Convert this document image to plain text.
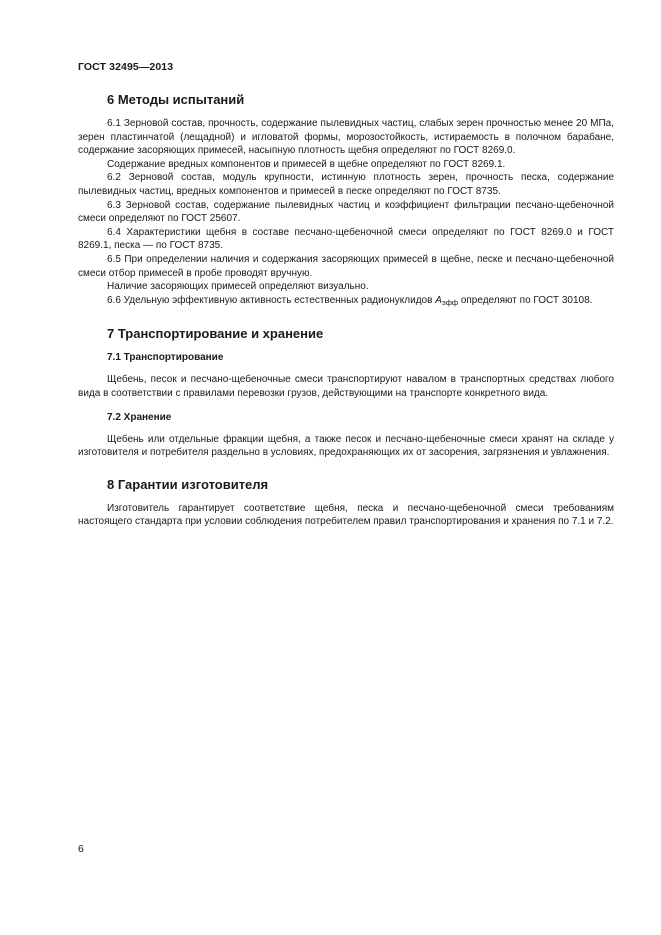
ГОСТ 32495—2013
6 Методы испытаний

6.1 Зерновой состав, прочность, содержание пылевидных частиц, слабых зерен прочностью менее 20 МПа, зерен пластинчатой (лещадной) и игловатой формы, морозостойкость, истираемость в полочном барабане, содержание засоряющих примесей, насыпную плотность щебня определяют по ГОСТ 8269.0.

Содержание вредных компонентов и примесей в щебне определяют по ГОСТ 8269.1.

6.2 Зерновой состав, модуль крупности, истинную плотность зерен, прочность песка, содержание пылевидных частиц, вредных компонентов и примесей в песке определяют по ГОСТ 8735.

6.3 Зерновой состав, содержание пылевидных частиц и коэффициент фильтрации песчано-щебеночной смеси определяют по ГОСТ 25607.

6.4 Характеристики щебня в составе песчано-щебеночной смеси определяют по ГОСТ 8269.0 и ГОСТ 8269.1, песка — по ГОСТ 8735.

6.5 При определении наличия и содержания засоряющих примесей в щебне, песке и песчано-щебеночной смеси отбор примесей в пробе проводят вручную.

Наличие засоряющих примесей определяют визуально.

6.6 Удельную эффективную активность естественных радионуклидов $A_{эфф}$ определяют по ГОСТ 30108.

7 Транспортирование и хранение
7.1 Транспортирование

Щебень, песок и песчано-щебеночные смеси транспортируют навалом в транспортных средствах любого вида в соответствии с правилами перевозки грузов, действующими на транспорте конкретного вида.

7.2 Хранение

Щебень или отдельные фракции щебня, а также песок и песчано-щебеночные смеси хранят на складе у изготовителя и потребителя раздельно в условиях, предохраняющих их от засорения, загрязнения и увлажнения.

8 Гарантии изготовителя

Изготовитель гарантирует соответствие щебня, песка и песчано-щебеночной смеси требованиям настоящего стандарта при условии соблюдения потребителем правил транспортирования и хранения по 7.1 и 7.2.

6
